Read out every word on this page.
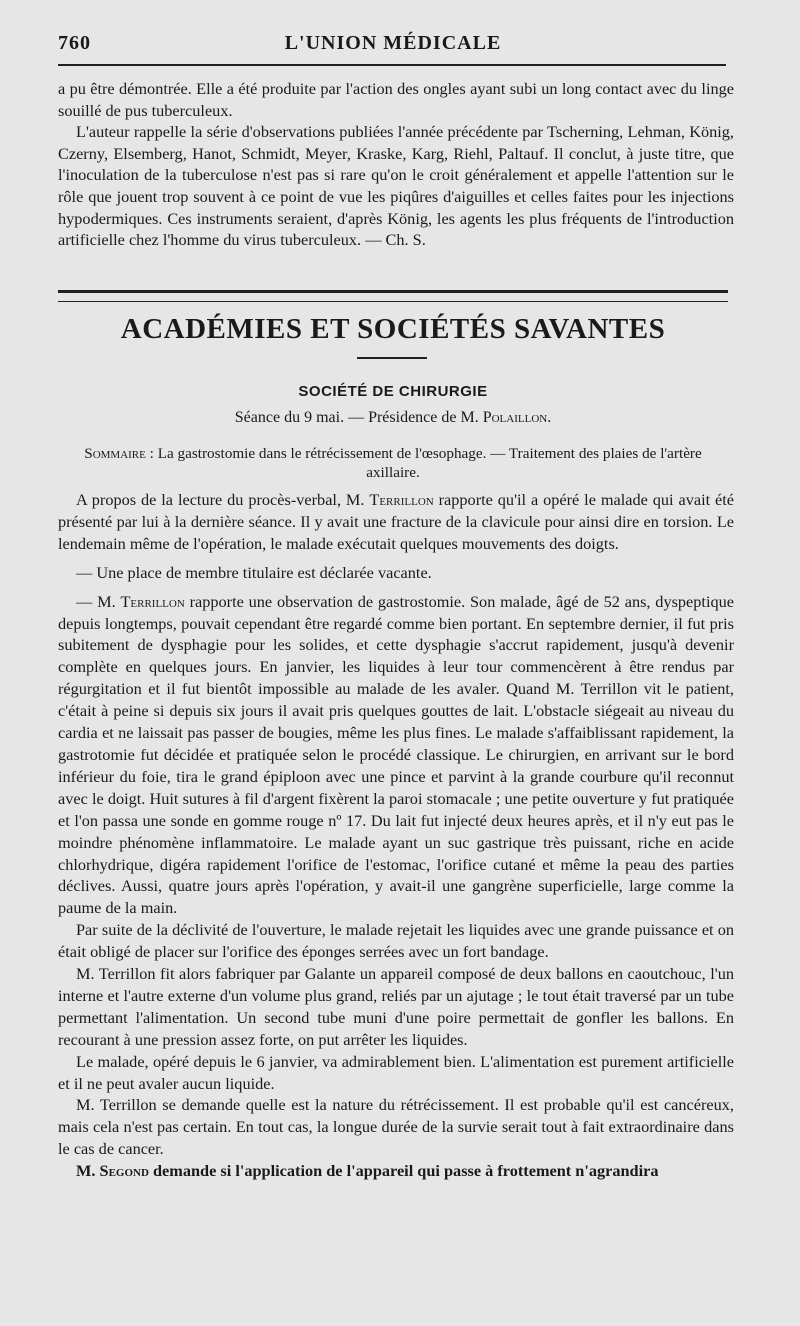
760	L'UNION MÉDICALE

a pu être démontrée. Elle a été produite par l'action des ongles ayant subi un long contact avec du linge souillé de pus tuberculeux.

L'auteur rappelle la série d'observations publiées l'année précédente par Tscherning, Lehman, König, Czerny, Elsemberg, Hanot, Schmidt, Meyer, Kraske, Karg, Riehl, Paltauf. Il conclut, à juste titre, que l'inoculation de la tuberculose n'est pas si rare qu'on le croit généralement et appelle l'attention sur le rôle que jouent trop souvent à ce point de vue les piqûres d'aiguilles et celles faites pour les injections hypodermiques. Ces instruments seraient, d'après König, les agents les plus fréquents de l'introduction artificielle chez l'homme du virus tuberculeux. — Ch. S.

ACADÉMIES ET SOCIÉTÉS SAVANTES
SOCIÉTÉ DE CHIRURGIE
Séance du 9 mai. — Présidence de M. Polaillon.
Sommaire : La gastrostomie dans le rétrécissement de l'œsophage. — Traitement des plaies de l'artère axillaire.

A propos de la lecture du procès-verbal, M. Terrillon rapporte qu'il a opéré le malade qui avait été présenté par lui à la dernière séance. Il y avait une fracture de la clavicule pour ainsi dire en torsion. Le lendemain même de l'opération, le malade exécutait quelques mouvements des doigts.

— Une place de membre titulaire est déclarée vacante.

— M. Terrillon rapporte une observation de gastrostomie. Son malade, âgé de 52 ans, dyspeptique depuis longtemps, pouvait cependant être regardé comme bien portant. En septembre dernier, il fut pris subitement de dysphagie pour les solides, et cette dysphagie s'accrut rapidement, jusqu'à devenir complète en quelques jours. En janvier, les liquides à leur tour commencèrent à être rendus par régurgitation et il fut bientôt impossible au malade de les avaler. Quand M. Terrillon vit le patient, c'était à peine si depuis six jours il avait pris quelques gouttes de lait. L'obstacle siégeait au niveau du cardia et ne laissait pas passer de bougies, même les plus fines. Le malade s'affaiblissant rapidement, la gastrotomie fut décidée et pratiquée selon le procédé classique. Le chirurgien, en arrivant sur le bord inférieur du foie, tira le grand épiploon avec une pince et parvint à la grande courbure qu'il reconnut avec le doigt. Huit sutures à fil d'argent fixèrent la paroi stomacale ; une petite ouverture y fut pratiquée et l'on passa une sonde en gomme rouge nº 17. Du lait fut injecté deux heures après, et il n'y eut pas le moindre phénomène inflammatoire. Le malade ayant un suc gastrique très puissant, riche en acide chlorhydrique, digéra rapidement l'orifice de l'estomac, l'orifice cutané et même la peau des parties déclives. Aussi, quatre jours après l'opération, y avait-il une gangrène superficielle, large comme la paume de la main.

Par suite de la déclivité de l'ouverture, le malade rejetait les liquides avec une grande puissance et on était obligé de placer sur l'orifice des éponges serrées avec un fort bandage.

M. Terrillon fit alors fabriquer par Galante un appareil composé de deux ballons en caoutchouc, l'un interne et l'autre externe d'un volume plus grand, reliés par un ajutage ; le tout était traversé par un tube permettant l'alimentation. Un second tube muni d'une poire permettait de gonfler les ballons. En recourant à une pression assez forte, on put arrêter les liquides.

Le malade, opéré depuis le 6 janvier, va admirablement bien. L'alimentation est purement artificielle et il ne peut avaler aucun liquide.

M. Terrillon se demande quelle est la nature du rétrécissement. Il est probable qu'il est cancéreux, mais cela n'est pas certain. En tout cas, la longue durée de la survie serait tout à fait extraordinaire dans le cas de cancer.

M. Segond demande si l'application de l'appareil qui passe à frottement n'agrandira
